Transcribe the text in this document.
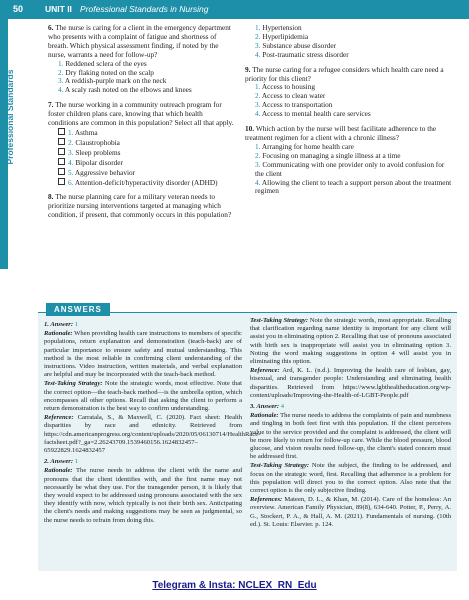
50	UNIT II Professional Standards in Nursing
Professional Standards

6. The nurse is caring for a client in the emergency department who presents with a complaint of fatigue and shortness of breath. Which physical assessment finding, if noted by the nurse, warrants a need for follow-up?

1. Reddened sclera of the eyes
2. Dry flaking noted on the scalp
3. A reddish-purple mark on the neck
4. A scaly rash noted on the elbows and knees

7. The nurse working in a community outreach program for foster children plans care, knowing that which health conditions are common in this population? Select all that apply.

1. Asthma
2. Claustrophobia
3. Sleep problems
4. Bipolar disorder
5. Aggressive behavior
6. Attention-deficit/hyperactivity disorder (ADHD)

8. The nurse planning care for a military veteran needs to prioritize nursing interventions targeted at managing which condition, if present, that commonly occurs in this population?

1. Hypertension
2. Hyperlipidemia
3. Substance abuse disorder
4. Post-traumatic stress disorder

9. The nurse caring for a refugee considers which health care need a priority for this client?

1. Access to housing
2. Access to clean water
3. Access to transportation
4. Access to mental health care services

10. Which action by the nurse will best facilitate adherence to the treatment regimen for a client with a chronic illness?

1. Arranging for home health care
2. Focusing on managing a single illness at a time
3. Communicating with one provider only to avoid confusion for the client
4. Allowing the client to teach a support person about the treatment regimen
ANSWERS

1. Answer: 1

Rationale: When providing health care instructions to members of specific populations, return explanation and demonstration (teach-back) are of particular importance to ensure safety and mutual understanding. This method is the most reliable in confirming client understanding of the instructions. Video instruction, written materials, and verbal explanation are helpful and may be incorporated with the teach-back method.

Test-Taking Strategy: Note the strategic words, most effective. Note that the correct option—the teach-back method—is the umbrella option, which encompasses all other options. Recall that asking the client to perform a return demonstration is the best way to confirm understanding.

Reference: Carratala, S., & Maxwell, C. (2020). Fact sheet: Health disparities by race and ethnicity. Retrieved from https://cdn.americanprogress.org/content/uploads/2020/05/06130714/HealthRace-factsheet.pdf?_ga=2.26243709.1539460156.1624832457–65922829.1624832457

2. Answer: 1

Rationale: The nurse needs to address the client with the name and pronouns that the client identifies with, and the first name may not necessarily be what they use. For the transgender person, it is likely that they would expect to be addressed using pronouns associated with the sex they identify with now, which typically is not their birth sex. Anticipating the client's needs and making suggestions may be seen as judgmental, so the nurse needs to refrain from doing this.

Test-Taking Strategy: Note the strategic words, most appropriate. Recalling that clarification regarding name identity is important for any client will assist you in eliminating option 2. Recalling that use of pronouns associated with birth sex is inappropriate will assist you in eliminating option 3. Noting the word making suggestions in option 4 will assist you in eliminating this option.

Reference: Ard, K. L. (n.d.). Improving the health care of lesbian, gay, bisexual, and transgender people: Understanding and eliminating health disparities. Retrieved from https://www.lgbthealtheducation.org/wp-content/uploads/Improving-the-Health-of-LGBT-People.pdf

3. Answer: 4

Rationale: The nurse needs to address the complaints of pain and numbness and tingling in both feet first with this population. If the client perceives value to the service provided and the complaint is addressed, the client will be more likely to return for follow-up care. While the blood pressure, blood glucose, and vision results need follow-up, the client's stated concern must be addressed first.

Test-Taking Strategy: Note the subject, the finding to be addressed, and focus on the strategic word, first. Recalling that adherence is a problem for this population will direct you to the correct option. Also note that the correct option is the only subjective finding.

References: Mateen, D. L., & Khan, M. (2014). Care of the homeless: An overview. American Family Physician, 89(8), 634-640. Potter, P., Perry, A. G., Stockert, P. A., & Hall, A. M. (2021). Fundamentals of nursing. (10th ed.). St. Louis: Elsevier. p. 124.

Telegram & Insta: NCLEX_RN_Edu
